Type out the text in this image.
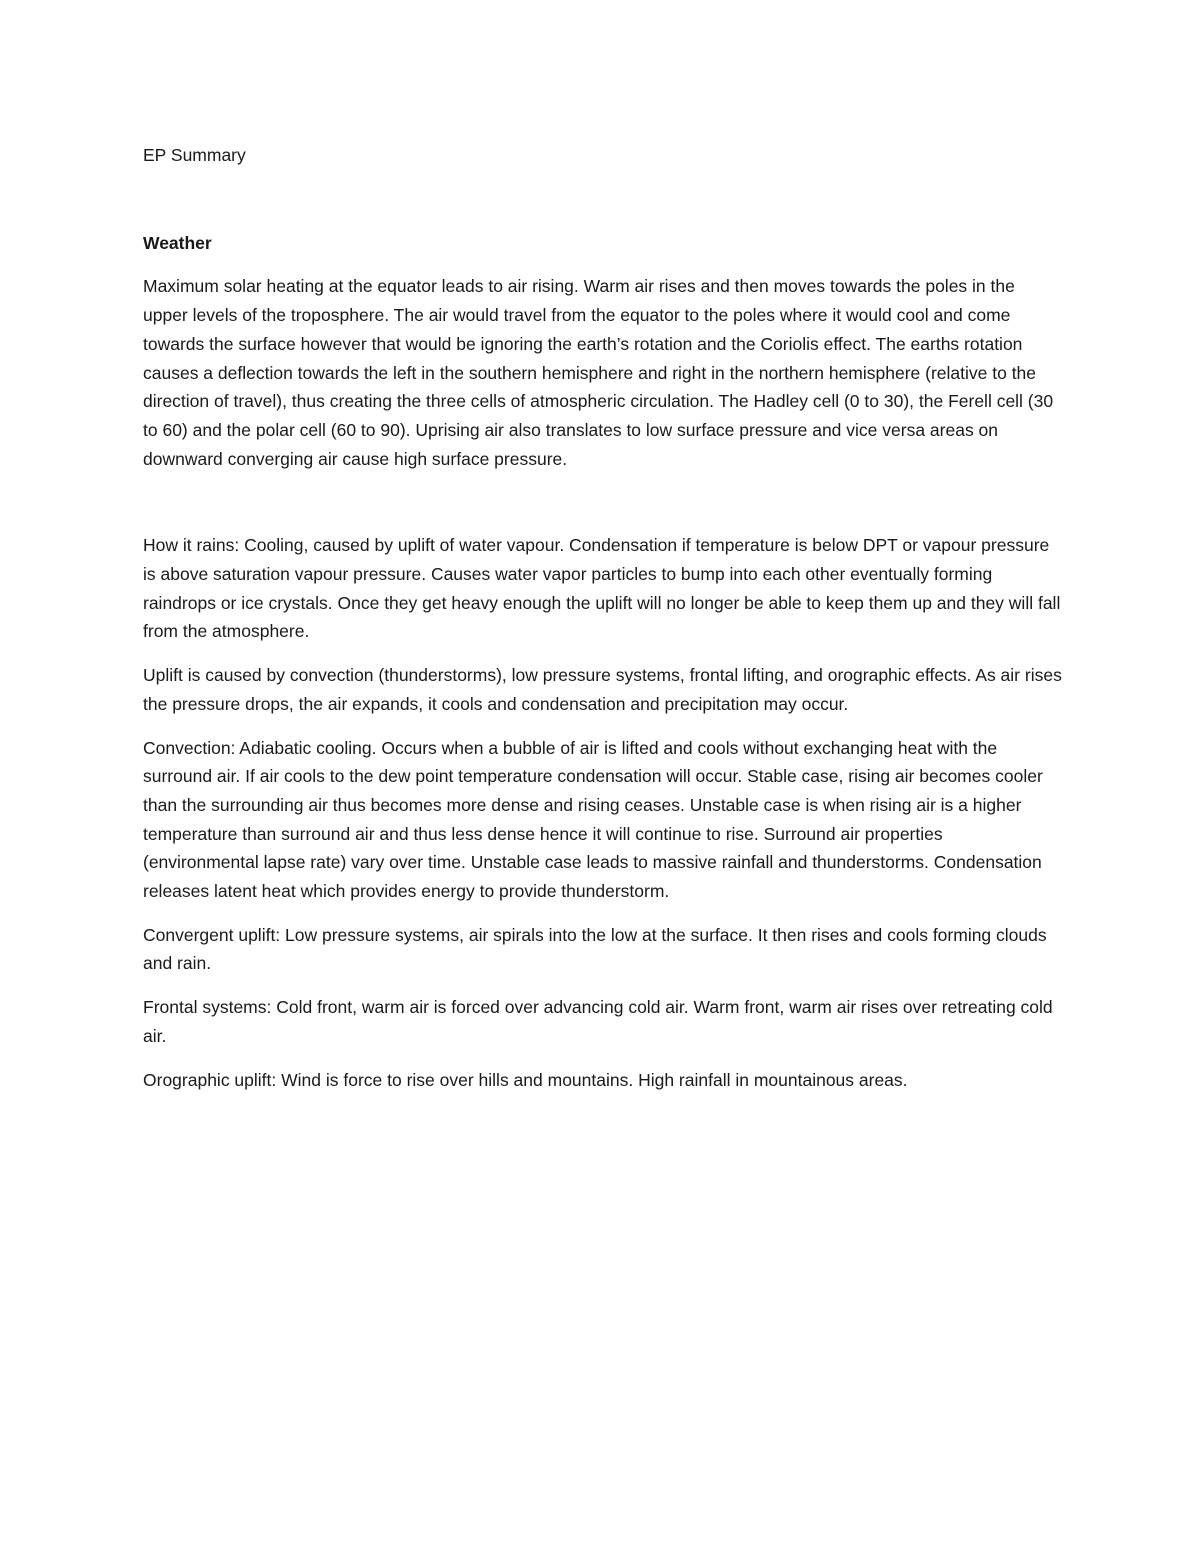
EP Summary

Weather

Maximum solar heating at the equator leads to air rising. Warm air rises and then moves towards the poles in the upper levels of the troposphere. The air would travel from the equator to the poles where it would cool and come towards the surface however that would be ignoring the earth’s rotation and the Coriolis effect. The earths rotation causes a deflection towards the left in the southern hemisphere and right in the northern hemisphere (relative to the direction of travel), thus creating the three cells of atmospheric circulation. The Hadley cell (0 to 30), the Ferell cell (30 to 60) and the polar cell (60 to 90). Uprising air also translates to low surface pressure and vice versa areas on downward converging air cause high surface pressure.

How it rains: Cooling, caused by uplift of water vapour. Condensation if temperature is below DPT or vapour pressure is above saturation vapour pressure. Causes water vapor particles to bump into each other eventually forming raindrops or ice crystals. Once they get heavy enough the uplift will no longer be able to keep them up and they will fall from the atmosphere.

Uplift is caused by convection (thunderstorms), low pressure systems, frontal lifting, and orographic effects. As air rises the pressure drops, the air expands, it cools and condensation and precipitation may occur.

Convection: Adiabatic cooling. Occurs when a bubble of air is lifted and cools without exchanging heat with the surround air. If air cools to the dew point temperature condensation will occur. Stable case, rising air becomes cooler than the surrounding air thus becomes more dense and rising ceases. Unstable case is when rising air is a higher temperature than surround air and thus less dense hence it will continue to rise. Surround air properties (environmental lapse rate) vary over time. Unstable case leads to massive rainfall and thunderstorms. Condensation releases latent heat which provides energy to provide thunderstorm.

Convergent uplift: Low pressure systems, air spirals into the low at the surface. It then rises and cools forming clouds and rain.

Frontal systems: Cold front, warm air is forced over advancing cold air. Warm front, warm air rises over retreating cold air.

Orographic uplift: Wind is force to rise over hills and mountains. High rainfall in mountainous areas.
